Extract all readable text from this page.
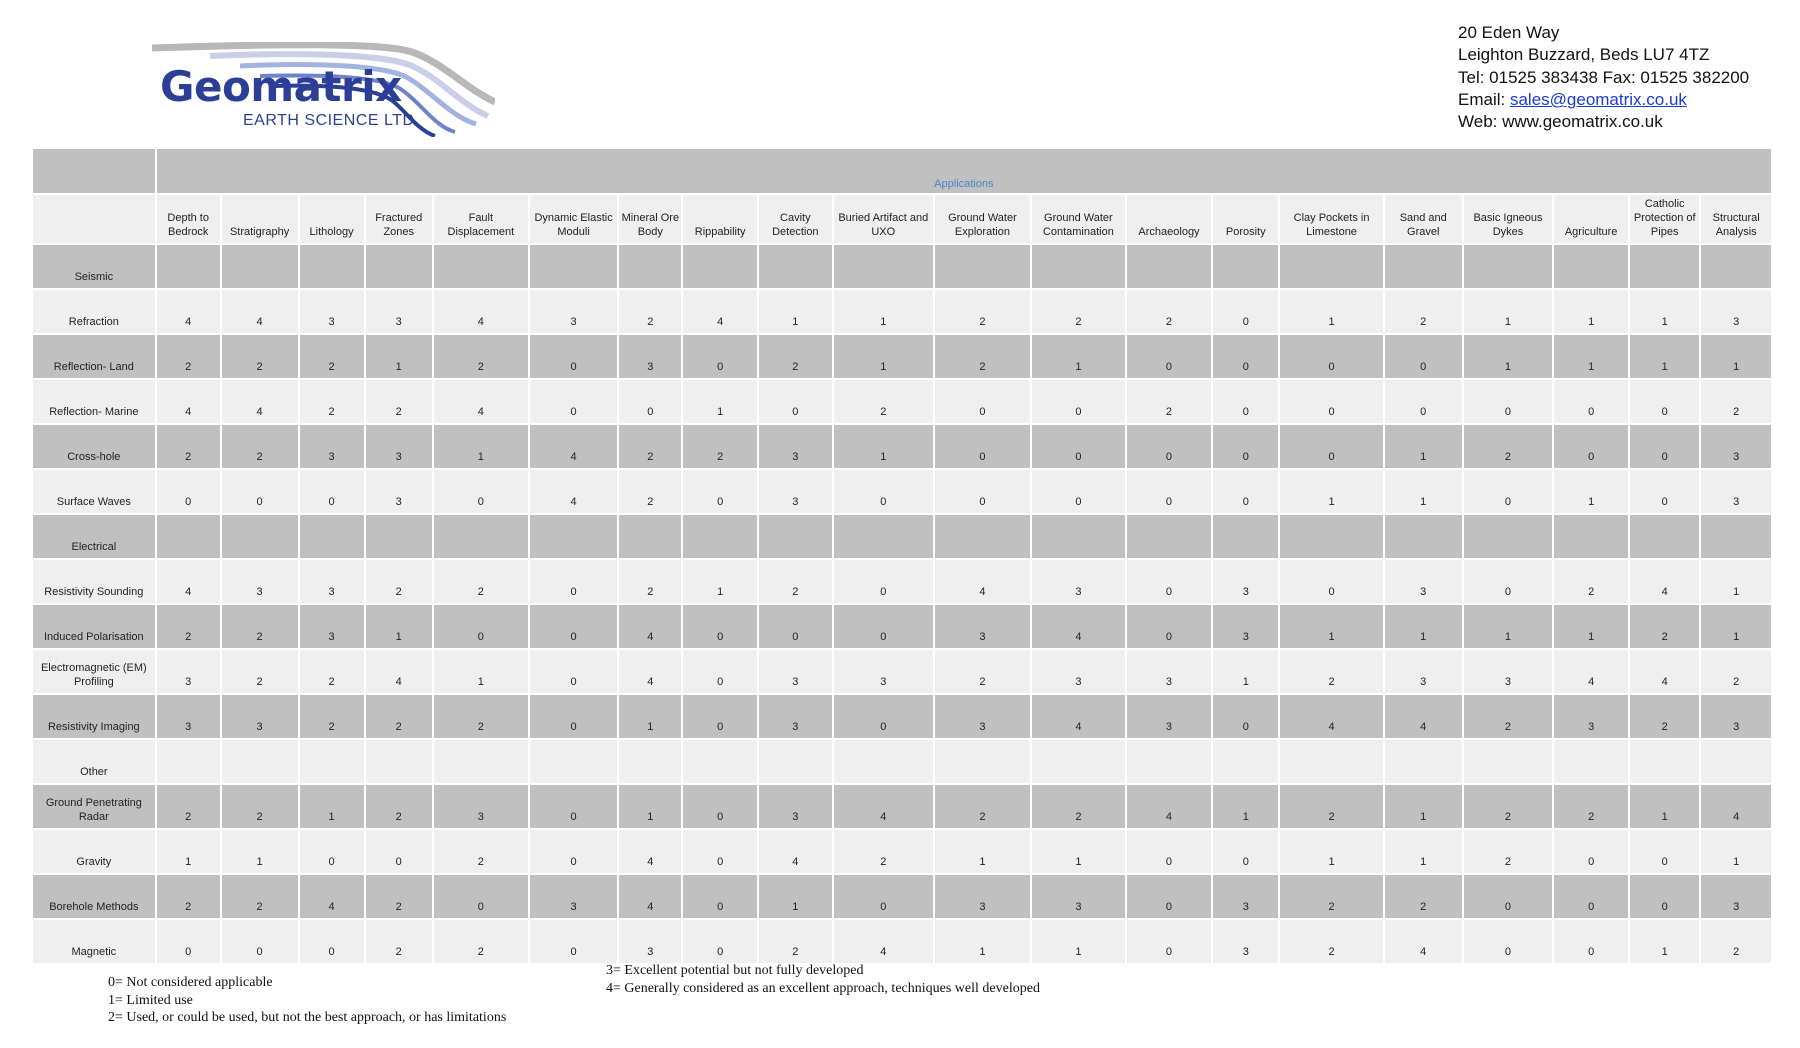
Geomatrix
EARTH SCIENCE LTD
20 Eden Way
Leighton Buzzard, Beds LU7 4TZ
Tel: 01525 383438 Fax: 01525 382200
Email: sales@geomatrix.co.uk
Web: www.geomatrix.co.uk
	Applications																			
	Depth to Bedrock	Stratigraphy	Lithology	Fractured Zones	Fault Displacement	Dynamic Elastic Moduli	Mineral Ore Body	Rippability	Cavity Detection	Buried Artifact and UXO	Ground Water Exploration	Ground Water Contamination	Archaeology	Porosity	Clay Pockets in Limestone	Sand and Gravel	Basic Igneous Dykes	Agriculture	Catholic Protection of Pipes	Structural Analysis
Seismic																				
Refraction	4	4	3	3	4	3	2	4	1	1	2	2	2	0	1	2	1	1	1	3
Reflection- Land	2	2	2	1	2	0	3	0	2	1	2	1	0	0	0	0	1	1	1	1
Reflection- Marine	4	4	2	2	4	0	0	1	0	2	0	0	2	0	0	0	0	0	0	2
Cross-hole	2	2	3	3	1	4	2	2	3	1	0	0	0	0	0	1	2	0	0	3
Surface Waves	0	0	0	3	0	4	2	0	3	0	0	0	0	0	1	1	0	1	0	3
Electrical																				
Resistivity Sounding	4	3	3	2	2	0	2	1	2	0	4	3	0	3	0	3	0	2	4	1
Induced Polarisation	2	2	3	1	0	0	4	0	0	0	3	4	0	3	1	1	1	1	2	1
Electromagnetic (EM) Profiling	3	2	2	4	1	0	4	0	3	3	2	3	3	1	2	3	3	4	4	2
Resistivity Imaging	3	3	2	2	2	0	1	0	3	0	3	4	3	0	4	4	2	3	2	3
Other																				
Ground Penetrating Radar	2	2	1	2	3	0	1	0	3	4	2	2	4	1	2	1	2	2	1	4
Gravity	1	1	0	0	2	0	4	0	4	2	1	1	0	0	1	1	2	0	0	1
Borehole Methods	2	2	4	2	0	3	4	0	1	0	3	3	0	3	2	2	0	0	0	3
Magnetic	0	0	0	2	2	0	3	0	2	4	1	1	0	3	2	4	0	0	1	2
0= Not considered applicable
1= Limited use
2= Used, or could be used, but not the best approach, or has limitations
3= Excellent potential but not fully developed
4= Generally considered as an excellent approach, techniques well developed
